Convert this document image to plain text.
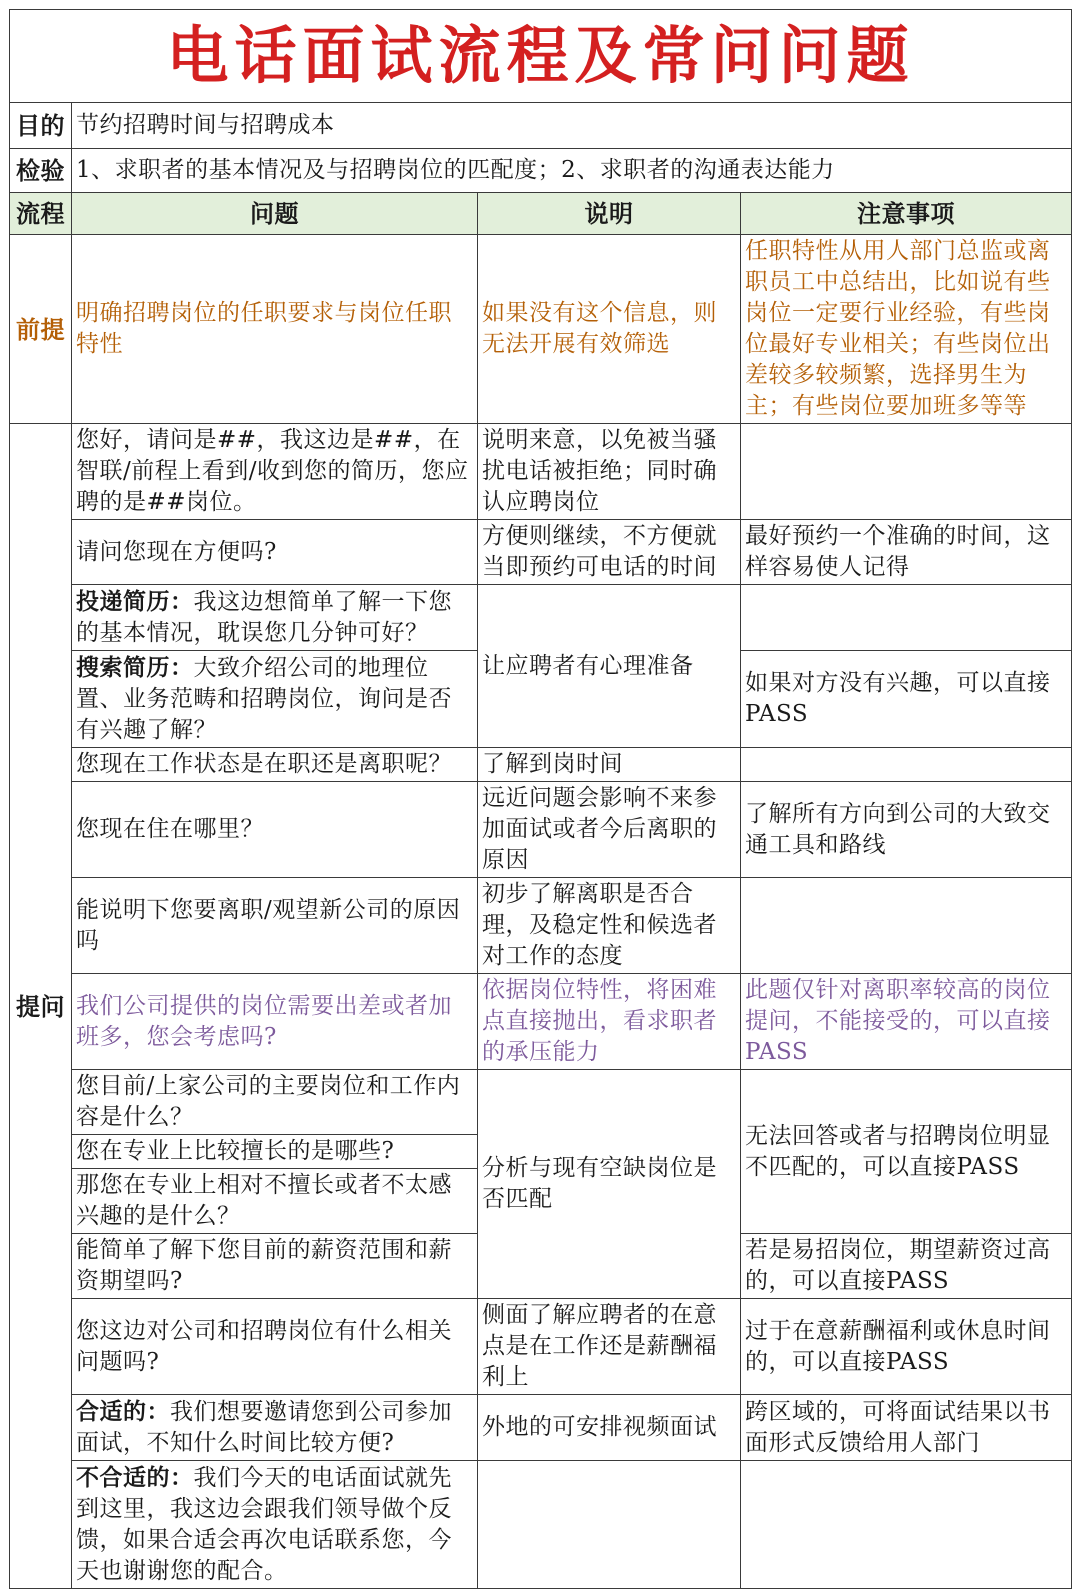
电话面试流程及常问问题			
目的	节约招聘时间与招聘成本		
检验	1、求职者的基本情况及与招聘岗位的匹配度；2、求职者的沟通表达能力		
流程	问题	说明	注意事项
前提	明确招聘岗位的任职要求与岗位任职特性	如果没有这个信息，则无法开展有效筛选	任职特性从用人部门总监或离职员工中总结出，比如说有些岗位一定要行业经验，有些岗位最好专业相关；有些岗位出差较多较频繁，选择男生为主；有些岗位要加班多等等
提问	您好，请问是##，我这边是##，在智联/前程上看到/收到您的简历，您应聘的是##岗位。	说明来意，以免被当骚扰电话被拒绝；同时确认应聘岗位	
	请问您现在方便吗?	方便则继续，不方便就当即预约可电话的时间	最好预约一个准确的时间，这样容易使人记得
	投递简历：我这边想简单了解一下您的基本情况，耽误您几分钟可好？	让应聘者有心理准备	
	搜索简历：大致介绍公司的地理位置、业务范畴和招聘岗位，询问是否有兴趣了解？		如果对方没有兴趣，可以直接PASS
	您现在工作状态是在职还是离职呢？	了解到岗时间	
	您现在住在哪里？	远近问题会影响不来参加面试或者今后离职的原因	了解所有方向到公司的大致交通工具和路线
	能说明下您要离职/观望新公司的原因吗	初步了解离职是否合理，及稳定性和候选者对工作的态度	
	我们公司提供的岗位需要出差或者加班多，您会考虑吗?	依据岗位特性，将困难点直接抛出，看求职者的承压能力	此题仅针对离职率较高的岗位提问，不能接受的，可以直接PASS
	您目前/上家公司的主要岗位和工作内容是什么？	分析与现有空缺岗位是否匹配	无法回答或者与招聘岗位明显不匹配的，可以直接PASS
	您在专业上比较擅长的是哪些?		
	那您在专业上相对不擅长或者不太感兴趣的是什么？		
	能简单了解下您目前的薪资范围和薪资期望吗?		若是易招岗位，期望薪资过高的，可以直接PASS
	您这边对公司和招聘岗位有什么相关问题吗?	侧面了解应聘者的在意点是在工作还是薪酬福利上	过于在意薪酬福利或休息时间的，可以直接PASS
	合适的：我们想要邀请您到公司参加面试，不知什么时间比较方便?	外地的可安排视频面试	跨区域的，可将面试结果以书面形式反馈给用人部门
	不合适的：我们今天的电话面试就先到这里，我这边会跟我们领导做个反馈，如果合适会再次电话联系您，今天也谢谢您的配合。		
